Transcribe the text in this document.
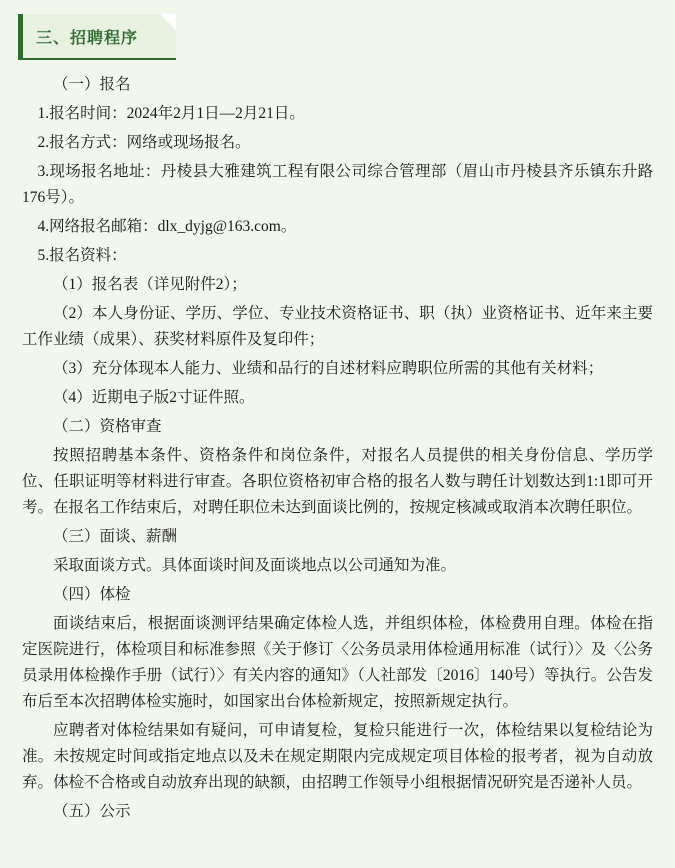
三、招聘程序

（一）报名

1.报名时间：2024年2月1日—2月21日。

2.报名方式：网络或现场报名。

3.现场报名地址：丹棱县大雅建筑工程有限公司综合管理部（眉山市丹棱县齐乐镇东升路176号）。

4.网络报名邮箱：dlx_dyjg@163.com。

5.报名资料：

（1）报名表（详见附件2）；

（2）本人身份证、学历、学位、专业技术资格证书、职（执）业资格证书、近年来主要工作业绩（成果）、获奖材料原件及复印件；

（3）充分体现本人能力、业绩和品行的自述材料应聘职位所需的其他有关材料；

（4）近期电子版2寸证件照。

（二）资格审查

按照招聘基本条件、资格条件和岗位条件，对报名人员提供的相关身份信息、学历学位、任职证明等材料进行审查。各职位资格初审合格的报名人数与聘任计划数达到1:1即可开考。在报名工作结束后，对聘任职位未达到面谈比例的，按规定核减或取消本次聘任职位。

（三）面谈、薪酬

采取面谈方式。具体面谈时间及面谈地点以公司通知为准。

（四）体检

面谈结束后，根据面谈测评结果确定体检人选，并组织体检，体检费用自理。体检在指定医院进行，体检项目和标准参照《关于修订〈公务员录用体检通用标准（试行）〉及〈公务员录用体检操作手册（试行）〉有关内容的通知》（人社部发〔2016〕140号）等执行。公告发布后至本次招聘体检实施时，如国家出台体检新规定，按照新规定执行。

应聘者对体检结果如有疑问，可申请复检，复检只能进行一次，体检结果以复检结论为准。未按规定时间或指定地点以及未在规定期限内完成规定项目体检的报考者，视为自动放弃。体检不合格或自动放弃出现的缺额，由招聘工作领导小组根据情况研究是否递补人员。

（五）公示
